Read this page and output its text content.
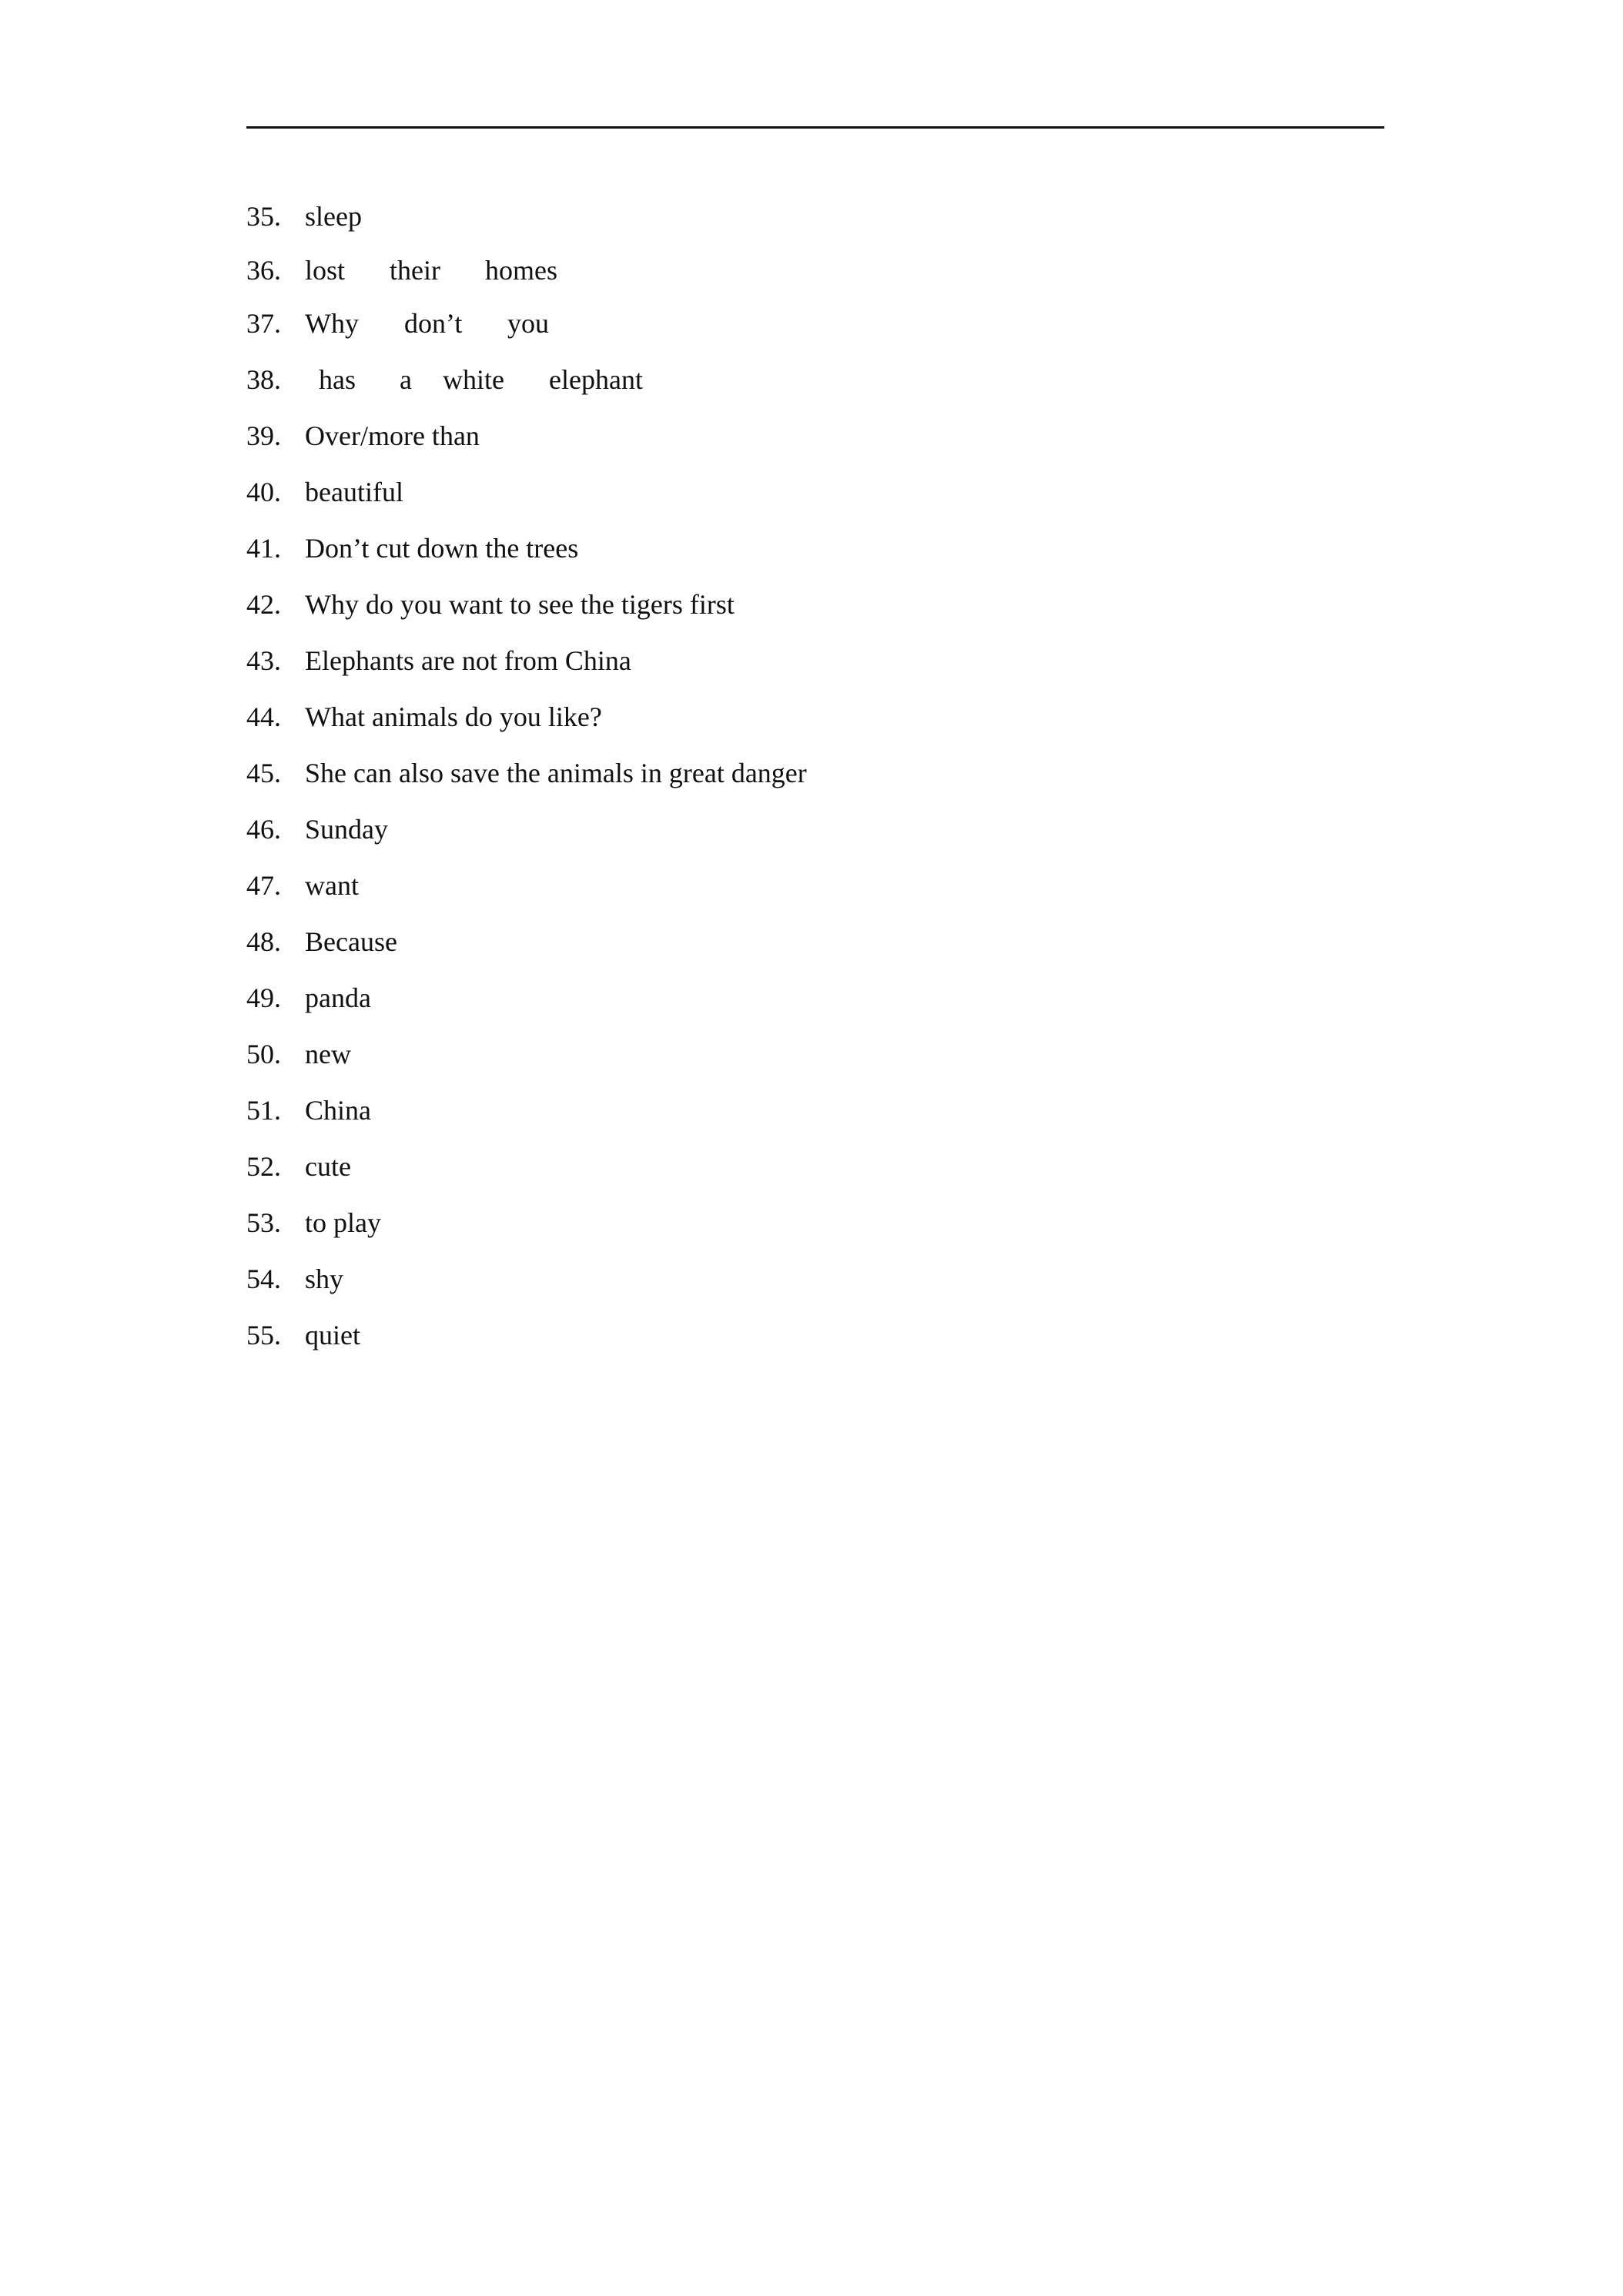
35. sleep
36. lost their homes
37. Why don’t you
38. has a white elephant
39. Over/more than
40. beautiful
41. Don’t cut down the trees
42. Why do you want to see the tigers first
43. Elephants are not from China
44. What animals do you like?
45. She can also save the animals in great danger
46. Sunday
47. want
48. Because
49. panda
50. new
51. China
52. cute
53. to play
54. shy
55. quiet
